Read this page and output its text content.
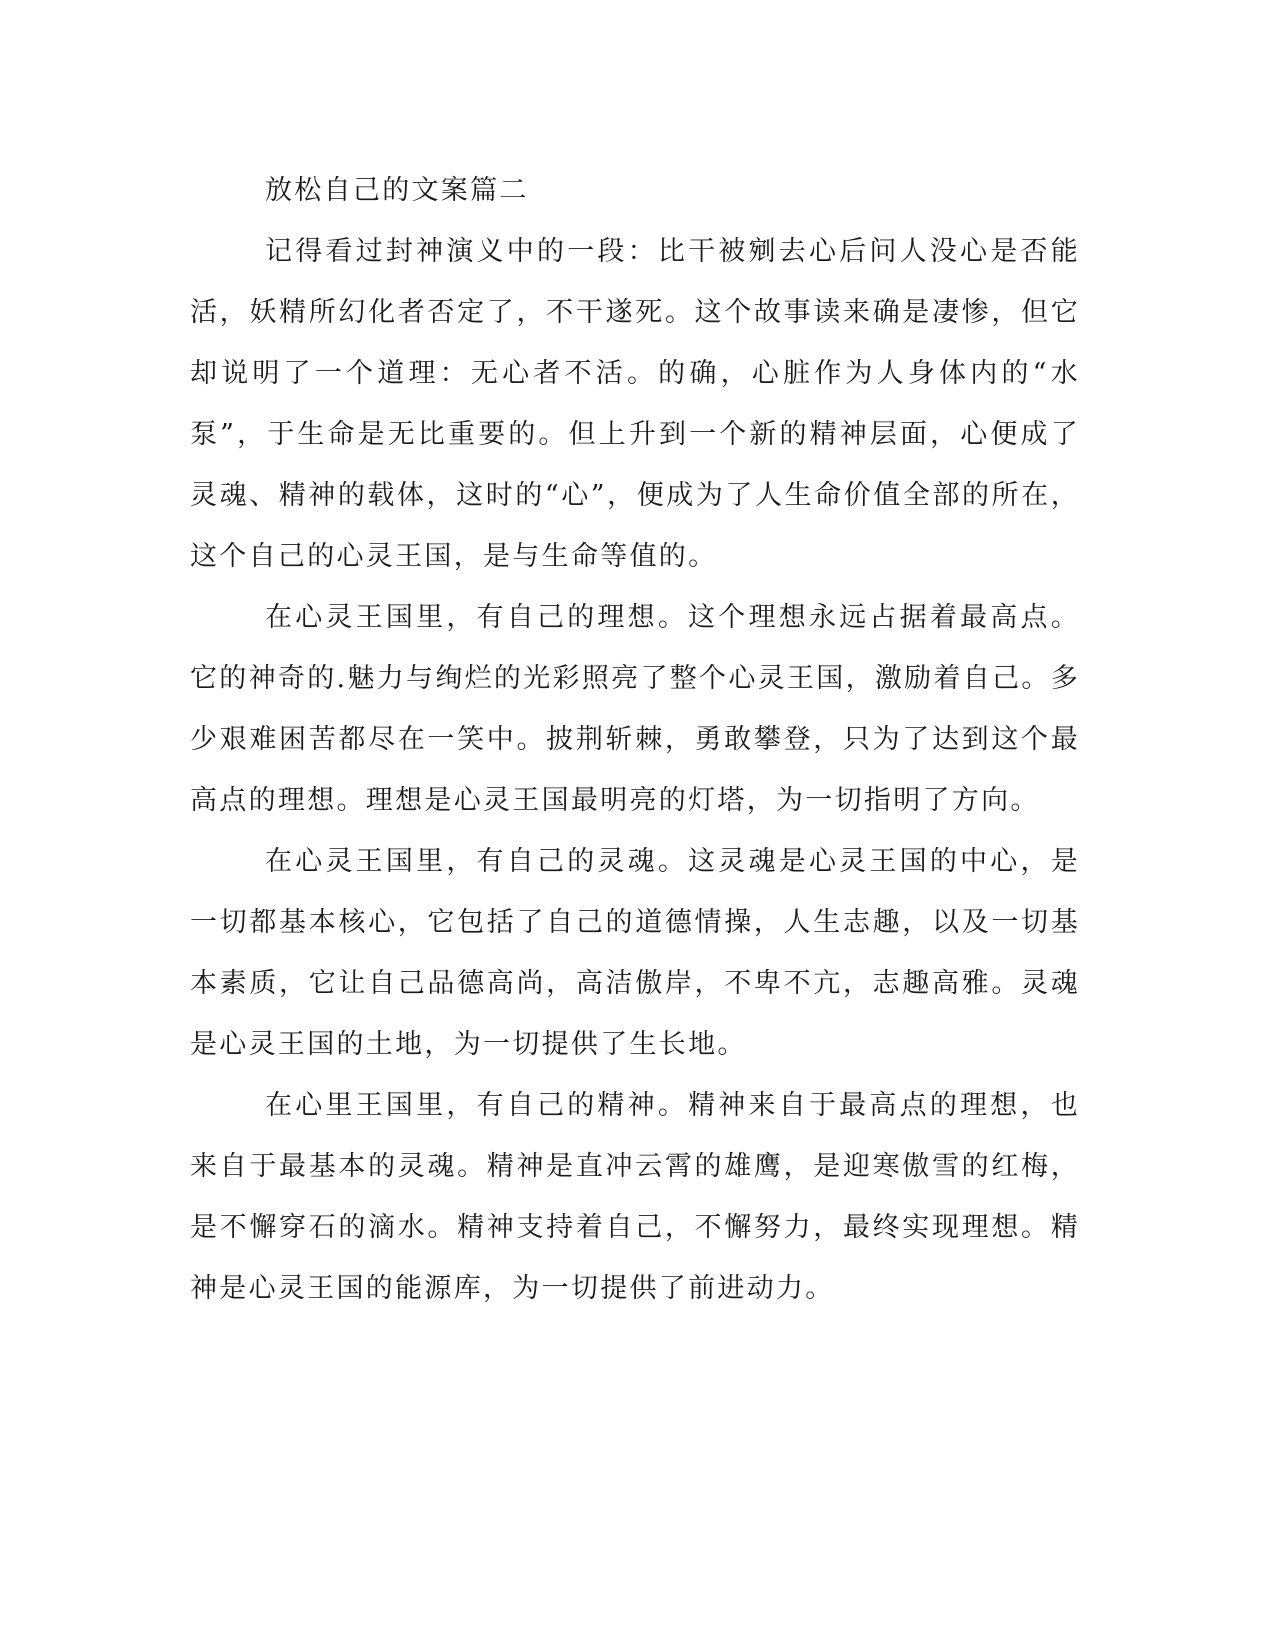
放松自己的文案篇二

记得看过封神演义中的一段：比干被剜去心后问人没心是否能活，妖精所幻化者否定了，不干遂死。这个故事读来确是凄惨，但它却说明了一个道理：无心者不活。的确，心脏作为人身体内的“水泵”，于生命是无比重要的。但上升到一个新的精神层面，心便成了灵魂、精神的载体，这时的“心”，便成为了人生命价值全部的所在，这个自己的心灵王国，是与生命等值的。

在心灵王国里，有自己的理想。这个理想永远占据着最高点。它的神奇的.魅力与绚烂的光彩照亮了整个心灵王国，激励着自己。多少艰难困苦都尽在一笑中。披荆斩棘，勇敢攀登，只为了达到这个最高点的理想。理想是心灵王国最明亮的灯塔，为一切指明了方向。

在心灵王国里，有自己的灵魂。这灵魂是心灵王国的中心，是一切都基本核心，它包括了自己的道德情操，人生志趣，以及一切基本素质，它让自己品德高尚，高洁傲岸，不卑不亢，志趣高雅。灵魂是心灵王国的土地，为一切提供了生长地。

在心里王国里，有自己的精神。精神来自于最高点的理想，也来自于最基本的灵魂。精神是直冲云霄的雄鹰，是迎寒傲雪的红梅，是不懈穿石的滴水。精神支持着自己，不懈努力，最终实现理想。精神是心灵王国的能源库，为一切提供了前进动力。
